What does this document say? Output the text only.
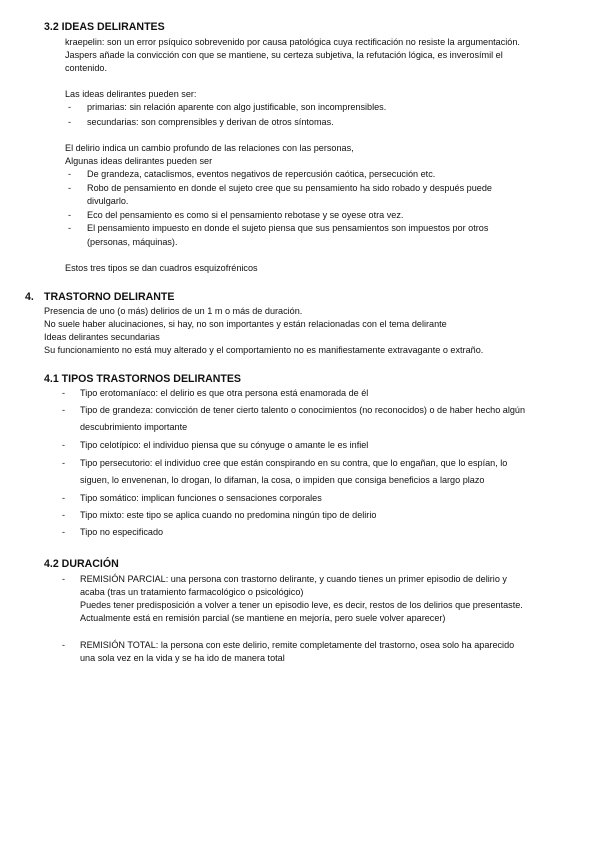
3.2 IDEAS DELIRANTES
kraepelin: son un error psíquico sobrevenido por causa patológica cuya rectificación no resiste la argumentación.
Jaspers añade la convicción con que se mantiene, su certeza subjetiva, la refutación lógica, es inverosímil el
contenido.
Las ideas delirantes pueden ser:
- primarias: sin relación aparente con algo justificable, son incomprensibles.
- secundarias: son comprensibles y derivan de otros síntomas.
El delirio indica un cambio profundo de las relaciones con las personas,
Algunas ideas delirantes pueden ser
- De grandeza, cataclismos, eventos negativos de repercusión caótica, persecución etc.
- Robo de pensamiento en donde el sujeto cree que su pensamiento ha sido robado y después puede
divulgarlo.
- Eco del pensamiento es como si el pensamiento rebotase y se oyese otra vez.
- El pensamiento impuesto en donde el sujeto piensa que sus pensamientos son impuestos por otros
(personas, máquinas).
Estos tres tipos se dan cuadros esquizofrénicos
4. TRASTORNO DELIRANTE
Presencia de uno (o más) delirios de un 1 m o más de duración.
No suele haber alucinaciones, si hay, no son importantes y están relacionadas con el tema delirante
Ideas delirantes secundarias
Su funcionamiento no está muy alterado y el comportamiento no es manifiestamente extravagante o extraño.
4.1 TIPOS TRASTORNOS DELIRANTES
- Tipo erotomaníaco: el delirio es que otra persona está enamorada de él
- Tipo de grandeza: convicción de tener cierto talento o conocimientos (no reconocidos) o de haber hecho algún
descubrimiento importante
- Tipo celotípico: el individuo piensa que su cónyuge o amante le es infiel
- Tipo persecutorio: el individuo cree que están conspirando en su contra, que lo engañan, que lo espían, lo
siguen, lo envenenan, lo drogan, lo difaman, la cosa, o impiden que consiga beneficios a largo plazo
- Tipo somático: implican funciones o sensaciones corporales
- Tipo mixto: este tipo se aplica cuando no predomina ningún tipo de delirio
- Tipo no especificado
4.2 DURACIÓN
- REMISIÓN PARCIAL: una persona con trastorno delirante, y cuando tienes un primer episodio de delirio y
acaba (tras un tratamiento farmacológico o psicológico)
Puedes tener predisposición a volver a tener un episodio leve, es decir, restos de los delirios que presentaste.
Actualmente está en remisión parcial (se mantiene en mejoría, pero suele volver aparecer)
- REMISIÓN TOTAL: la persona con este delirio, remite completamente del trastorno, osea solo ha aparecido
una sola vez en la vida y se ha ido de manera total
